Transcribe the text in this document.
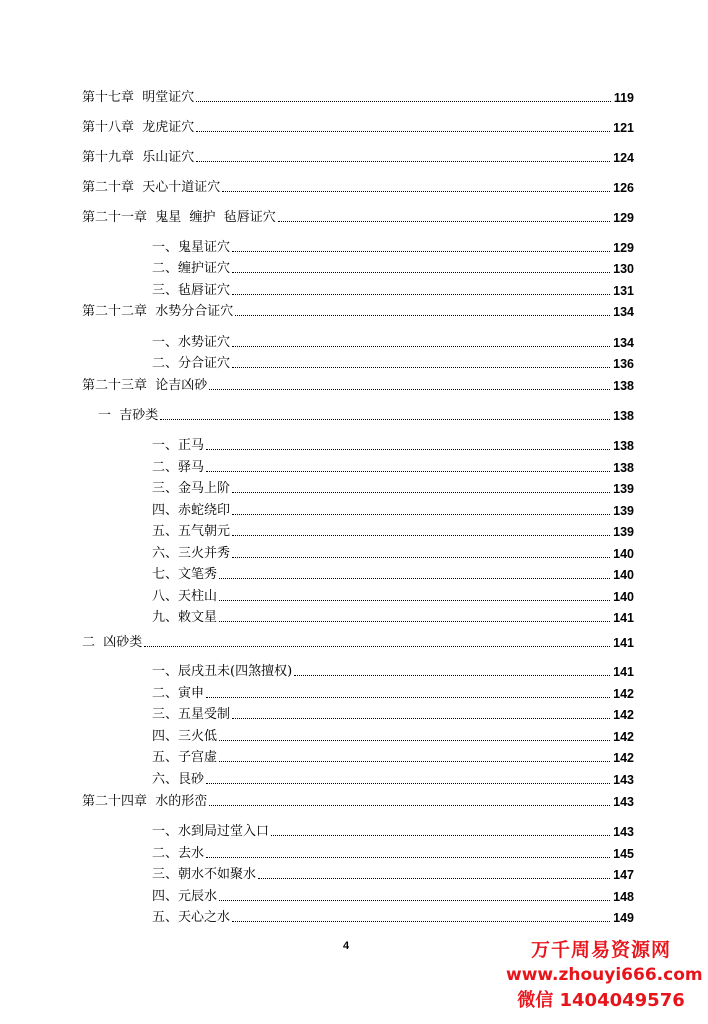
第十七章  明堂证穴	119
第十八章  龙虎证穴	121
第十九章  乐山证穴	124
第二十章  天心十道证穴	126
第二十一章  鬼星  缠护  毡唇证穴	129
一、鬼星证穴	129
二、缠护证穴	130
三、毡唇证穴	131
第二十二章  水势分合证穴	134
一、水势证穴	134
二、分合证穴	136
第二十三章  论吉凶砂	138
一  吉砂类	138
一、正马	138
二、驿马	138
三、金马上阶	139
四、赤蛇绕印	139
五、五气朝元	139
六、三火并秀	140
七、文笔秀	140
八、天柱山	140
九、敕文星	141
二  凶砂类	141
一、辰戌丑未(四煞擅权)	141
二、寅申	142
三、五星受制	142
四、三火低	142
五、子宫虚	142
六、艮砂	143
第二十四章  水的形峦	143
一、水到局过堂入口	143
二、去水	145
三、朝水不如聚水	147
四、元辰水	148
五、天心之水	149
4	万千周易资源网
www.zhouyi666.com
微信 1404049576
